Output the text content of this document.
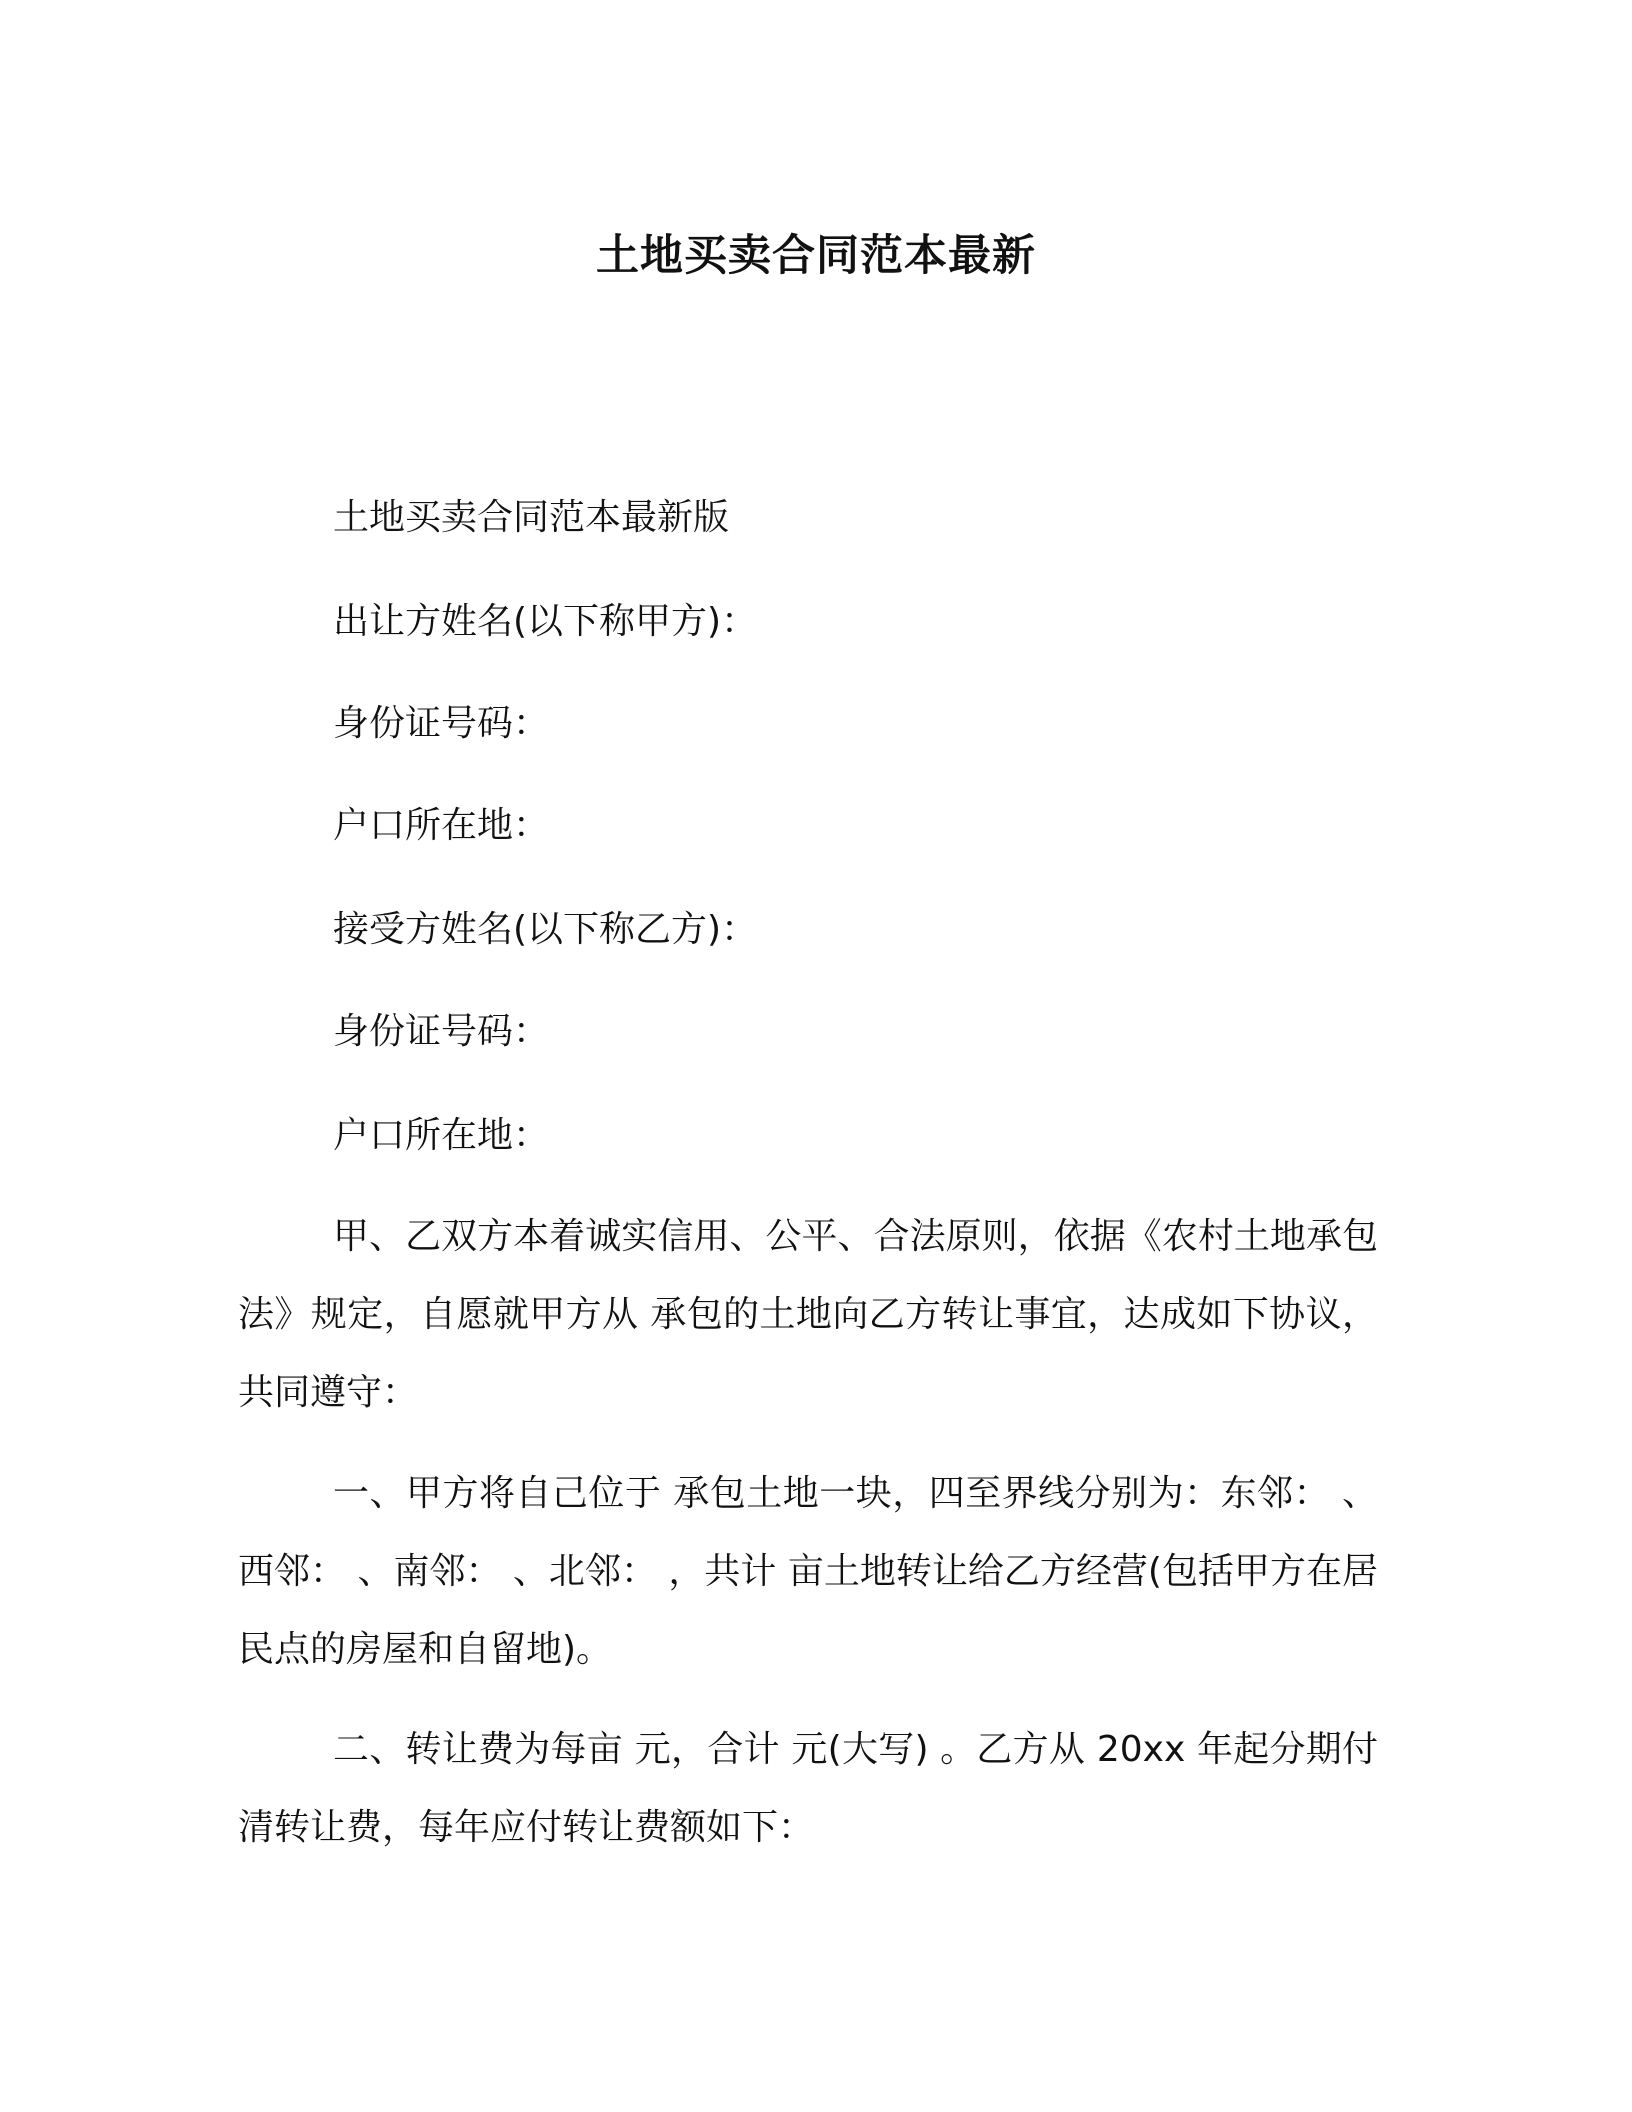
土地买卖合同范本最新
土地买卖合同范本最新版
出让方姓名(以下称甲方)：
身份证号码：
户口所在地：
接受方姓名(以下称乙方)：
身份证号码：
户口所在地：

甲、乙双方本着诚实信用、公平、合法原则，依据《农村土地承包法》规定，自愿就甲方从 承包的土地向乙方转让事宜，达成如下协议，共同遵守：

一、甲方将自己位于 承包土地一块，四至界线分别为：东邻： 、西邻： 、南邻： 、北邻： ，共计 亩土地转让给乙方经营(包括甲方在居民点的房屋和自留地)。

二、转让费为每亩 元，合计 元(大写) 。乙方从 20xx 年起分期付清转让费，每年应付转让费额如下：
